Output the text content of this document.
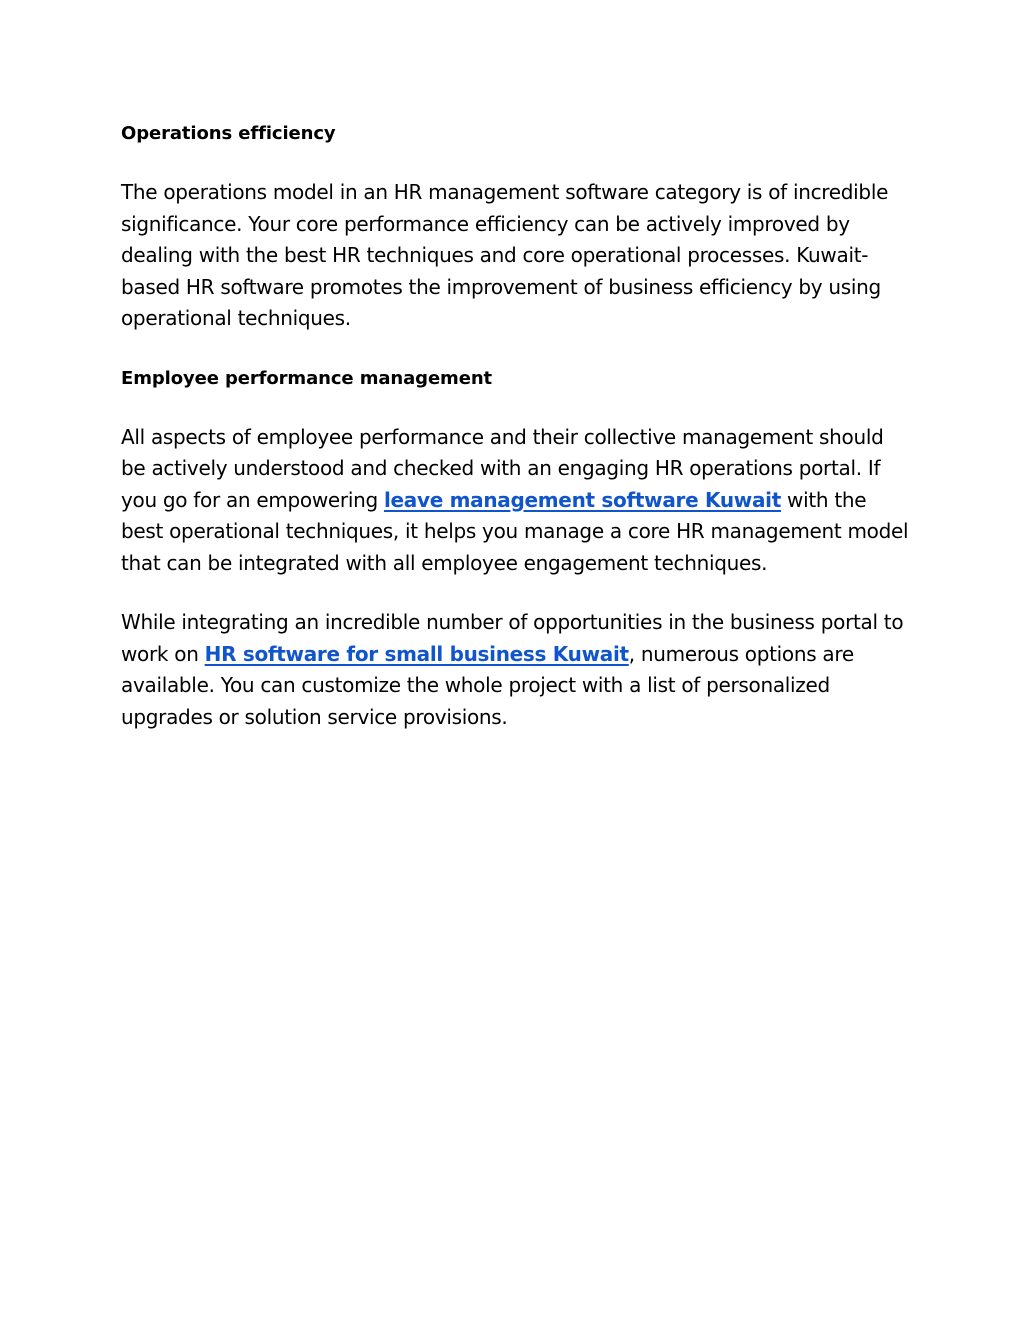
Operations efficiency

The operations model in an HR management software category is of incredible significance. Your core performance efficiency can be actively improved by dealing with the best HR techniques and core operational processes. Kuwait-based HR software promotes the improvement of business efficiency by using operational techniques.

Employee performance management

All aspects of employee performance and their collective management should be actively understood and checked with an engaging HR operations portal. If you go for an empowering leave management software Kuwait with the best operational techniques, it helps you manage a core HR management model that can be integrated with all employee engagement techniques.

While integrating an incredible number of opportunities in the business portal to work on HR software for small business Kuwait, numerous options are available. You can customize the whole project with a list of personalized upgrades or solution service provisions.
